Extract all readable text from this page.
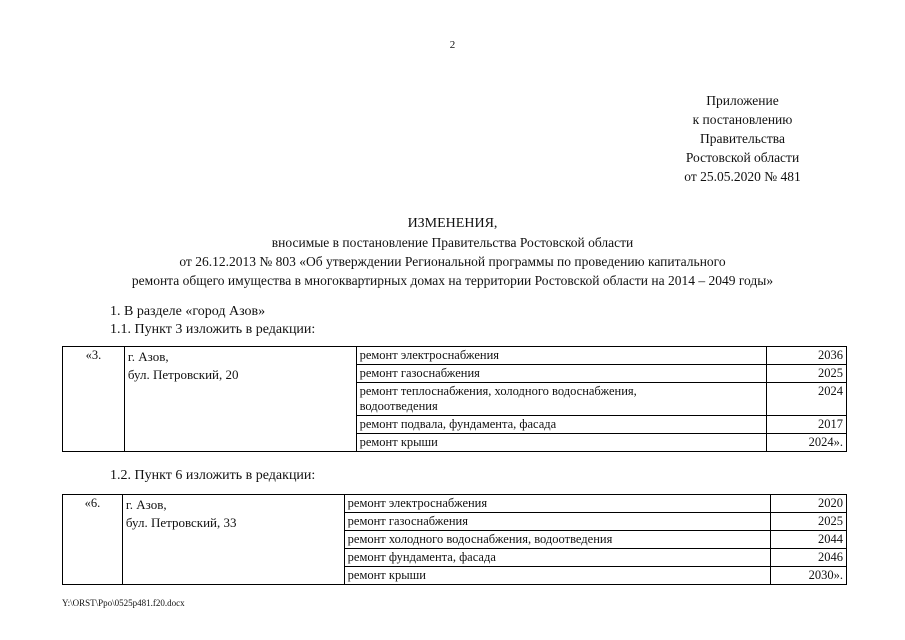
2
Приложение
к постановлению
Правительства
Ростовской области
от 25.05.2020 № 481
ИЗМЕНЕНИЯ,
вносимые в постановление Правительства Ростовской области
от 26.12.2013 № 803 «Об утверждении Региональной программы по проведению капитального
ремонта общего имущества в многоквартирных домах на территории Ростовской области на 2014 – 2049 годы»
1. В разделе «город Азов»
1.1. Пункт 3 изложить в редакции:
«3.	г. Азов,
бул. Петровский, 20	ремонт электроснабжения	2036
		ремонт газоснабжения	2025
		ремонт теплоснабжения, холодного водоснабжения, водоотведения	2024
		ремонт подвала, фундамента, фасада	2017
		ремонт крыши	2024».
1.2. Пункт 6 изложить в редакции:
«6.	г. Азов,
бул. Петровский, 33	ремонт электроснабжения	2020
		ремонт газоснабжения	2025
		ремонт холодного водоснабжения, водоотведения	2044
		ремонт фундамента, фасада	2046
		ремонт крыши	2030».
Y:\ORST\Ppo\0525p481.f20.docx
